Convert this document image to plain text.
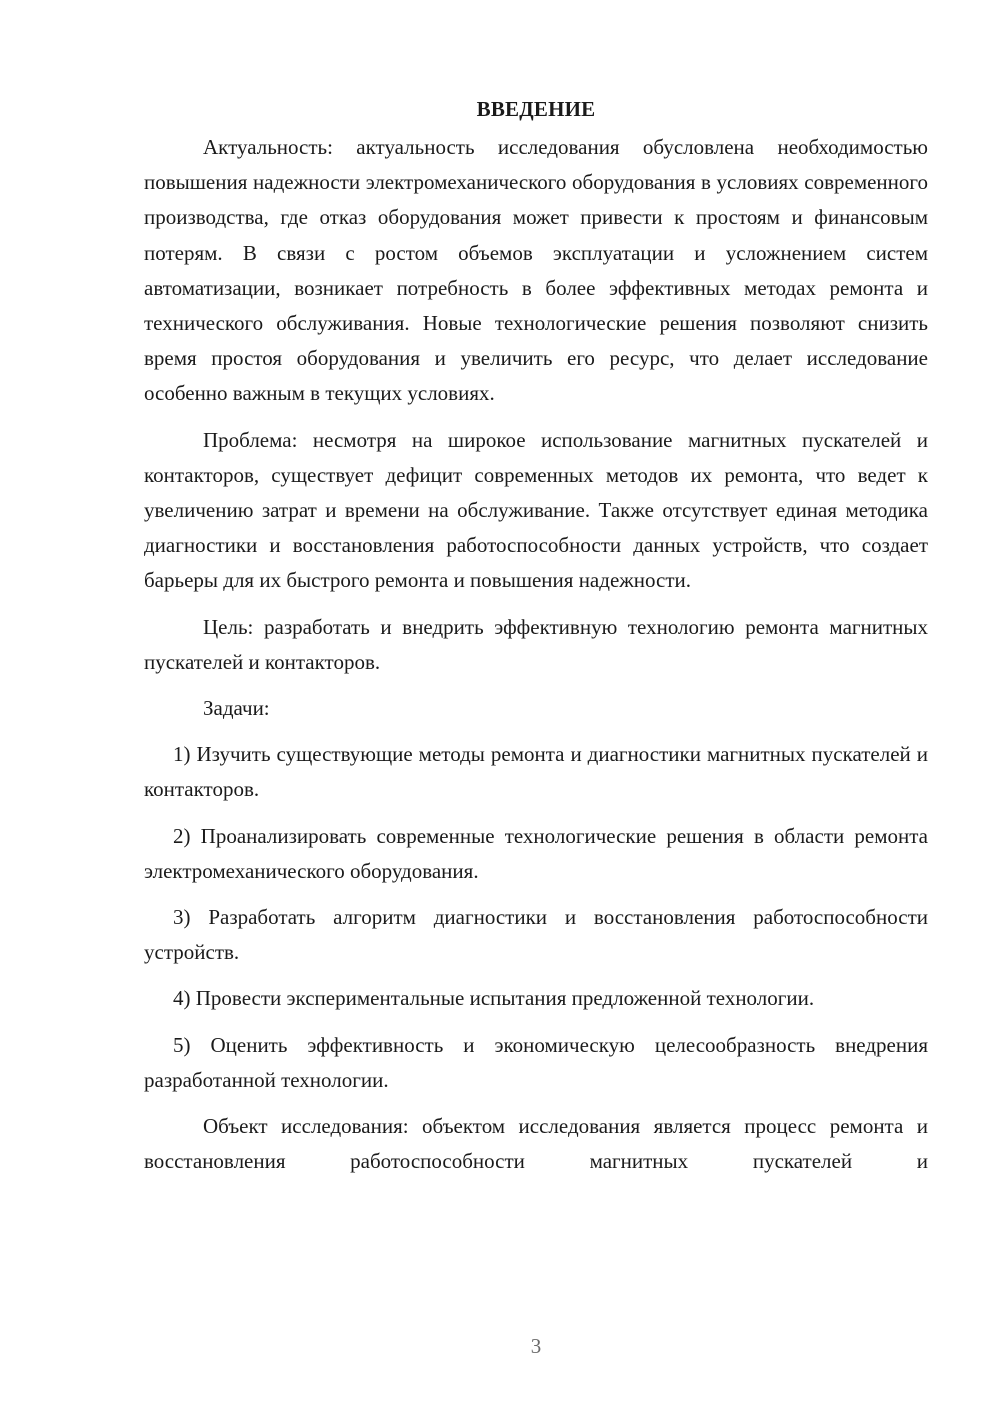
ВВЕДЕНИЕ

Актуальность: актуальность исследования обусловлена необходимостью повышения надежности электромеханического оборудования в условиях современного производства, где отказ оборудования может привести к простоям и финансовым потерям. В связи с ростом объемов эксплуатации и усложнением систем автоматизации, возникает потребность в более эффективных методах ремонта и технического обслуживания. Новые технологические решения позволяют снизить время простоя оборудования и увеличить его ресурс, что делает исследование особенно важным в текущих условиях.

Проблема: несмотря на широкое использование магнитных пускателей и контакторов, существует дефицит современных методов их ремонта, что ведет к увеличению затрат и времени на обслуживание. Также отсутствует единая методика диагностики и восстановления работоспособности данных устройств, что создает барьеры для их быстрого ремонта и повышения надежности.

Цель: разработать и внедрить эффективную технологию ремонта магнитных пускателей и контакторов.

Задачи:

1) Изучить существующие методы ремонта и диагностики магнитных пускателей и контакторов.

2) Проанализировать современные технологические решения в области ремонта электромеханического оборудования.

3) Разработать алгоритм диагностики и восстановления работоспособности устройств.

4) Провести экспериментальные испытания предложенной технологии.

5) Оценить эффективность и экономическую целесообразность внедрения разработанной технологии.

Объект исследования: объектом исследования является процесс ремонта и восстановления работоспособности магнитных пускателей и

3
